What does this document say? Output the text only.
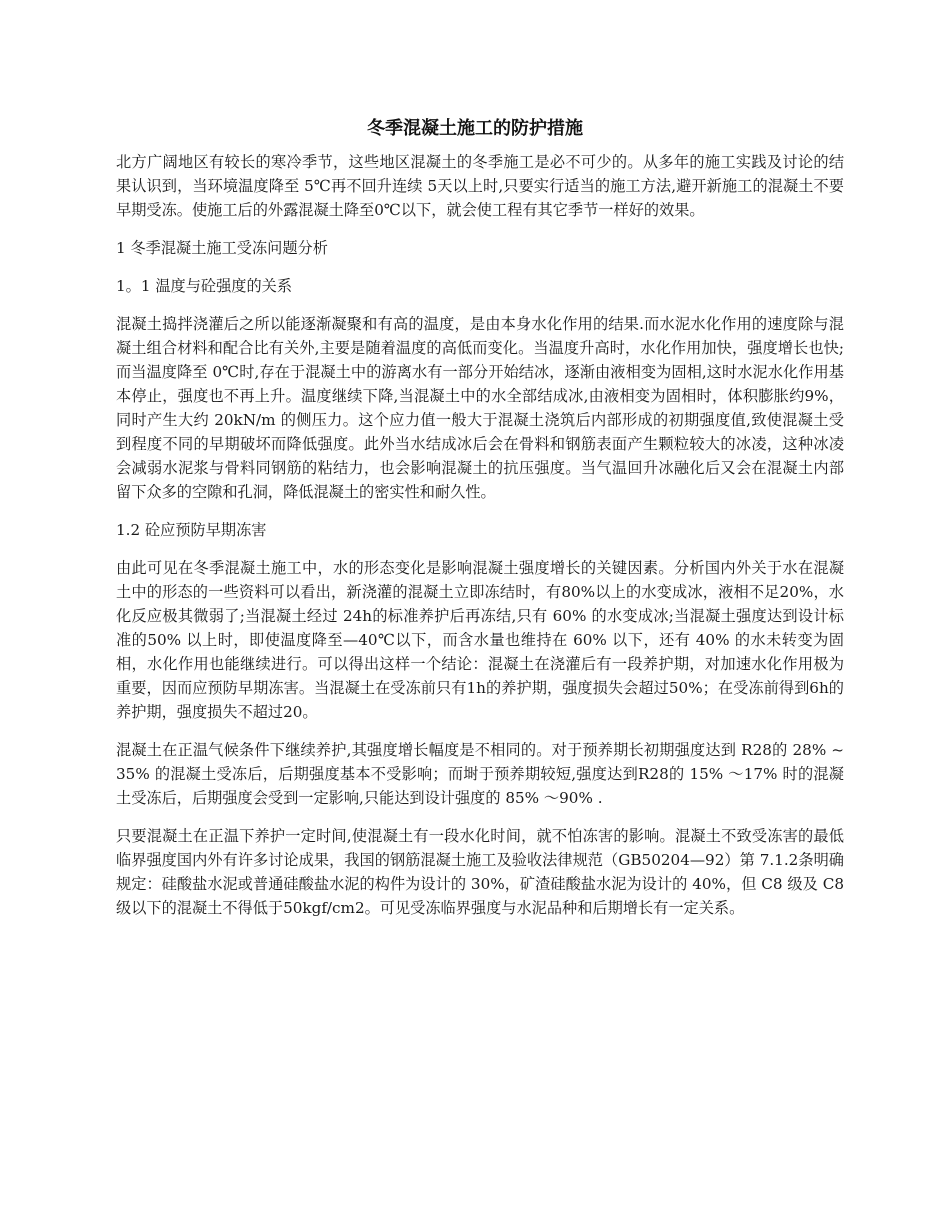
冬季混凝土施工的防护措施

北方广阔地区有较长的寒冷季节，这些地区混凝土的冬季施工是必不可少的。从多年的施工实践及讨论的结果认识到，当环境温度降至 5℃再不回升连续 5天以上时,只要实行适当的施工方法,避开新施工的混凝土不要早期受冻。使施工后的外露混凝土降至0℃以下，就会使工程有其它季节一样好的效果。

1 冬季混凝土施工受冻问题分析

1。1 温度与砼强度的关系

混凝土捣拌浇灌后之所以能逐渐凝聚和有高的温度，是由本身水化作用的结果.而水泥水化作用的速度除与混凝土组合材料和配合比有关外,主要是随着温度的高低而变化。当温度升高时，水化作用加快，强度增长也快;而当温度降至 0℃时,存在于混凝土中的游离水有一部分开始结冰，逐渐由液相变为固相,这时水泥水化作用基本停止，强度也不再上升。温度继续下降,当混凝土中的水全部结成冰,由液相变为固相时，体积膨胀约9%，同时产生大约 20kN/m 的侧压力。这个应力值一般大于混凝土浇筑后内部形成的初期强度值,致使混凝土受到程度不同的早期破坏而降低强度。此外当水结成冰后会在骨料和钢筋表面产生颗粒较大的冰凌，这种冰凌会减弱水泥浆与骨料同钢筋的粘结力，也会影响混凝土的抗压强度。当气温回升冰融化后又会在混凝土内部留下众多的空隙和孔洞，降低混凝土的密实性和耐久性。

1.2 砼应预防早期冻害

由此可见在冬季混凝土施工中，水的形态变化是影响混凝土强度增长的关键因素。分析国内外关于水在混凝土中的形态的一些资料可以看出，新浇灌的混凝土立即冻结时，有80%以上的水变成冰，液相不足20%，水化反应极其微弱了;当混凝土经过 24h的标准养护后再冻结,只有 60% 的水变成冰;当混凝土强度达到设计标准的50% 以上时，即使温度降至—40℃以下，而含水量也维持在 60% 以下，还有 40% 的水未转变为固相，水化作用也能继续进行。可以得出这样一个结论：混凝土在浇灌后有一段养护期，对加速水化作用极为重要，因而应预防早期冻害。当混凝土在受冻前只有1h的养护期，强度损失会超过50%；在受冻前得到6h的养护期，强度损失不超过20。

混凝土在正温气候条件下继续养护,其强度增长幅度是不相同的。对于预养期长初期强度达到 R28的 28% ~35% 的混凝土受冻后，后期强度基本不受影响；而埘于预养期较短,强度达到R28的 15% ～17% 时的混凝土受冻后，后期强度会受到一定影响,只能达到设计强度的 85% ～90% .

只要混凝土在正温下养护一定时间,使混凝土有一段水化时间，就不怕冻害的影响。混凝土不致受冻害的最低临界强度国内外有许多讨论成果，我国的钢筋混凝土施工及验收法律规范（GB50204—92）第 7.1.2条明确规定：硅酸盐水泥或普通硅酸盐水泥的构件为设计的 30%，矿渣硅酸盐水泥为设计的 40%，但 C8 级及 C8 级以下的混凝土不得低于50kgf/cm2。可见受冻临界强度与水泥品种和后期增长有一定关系。
